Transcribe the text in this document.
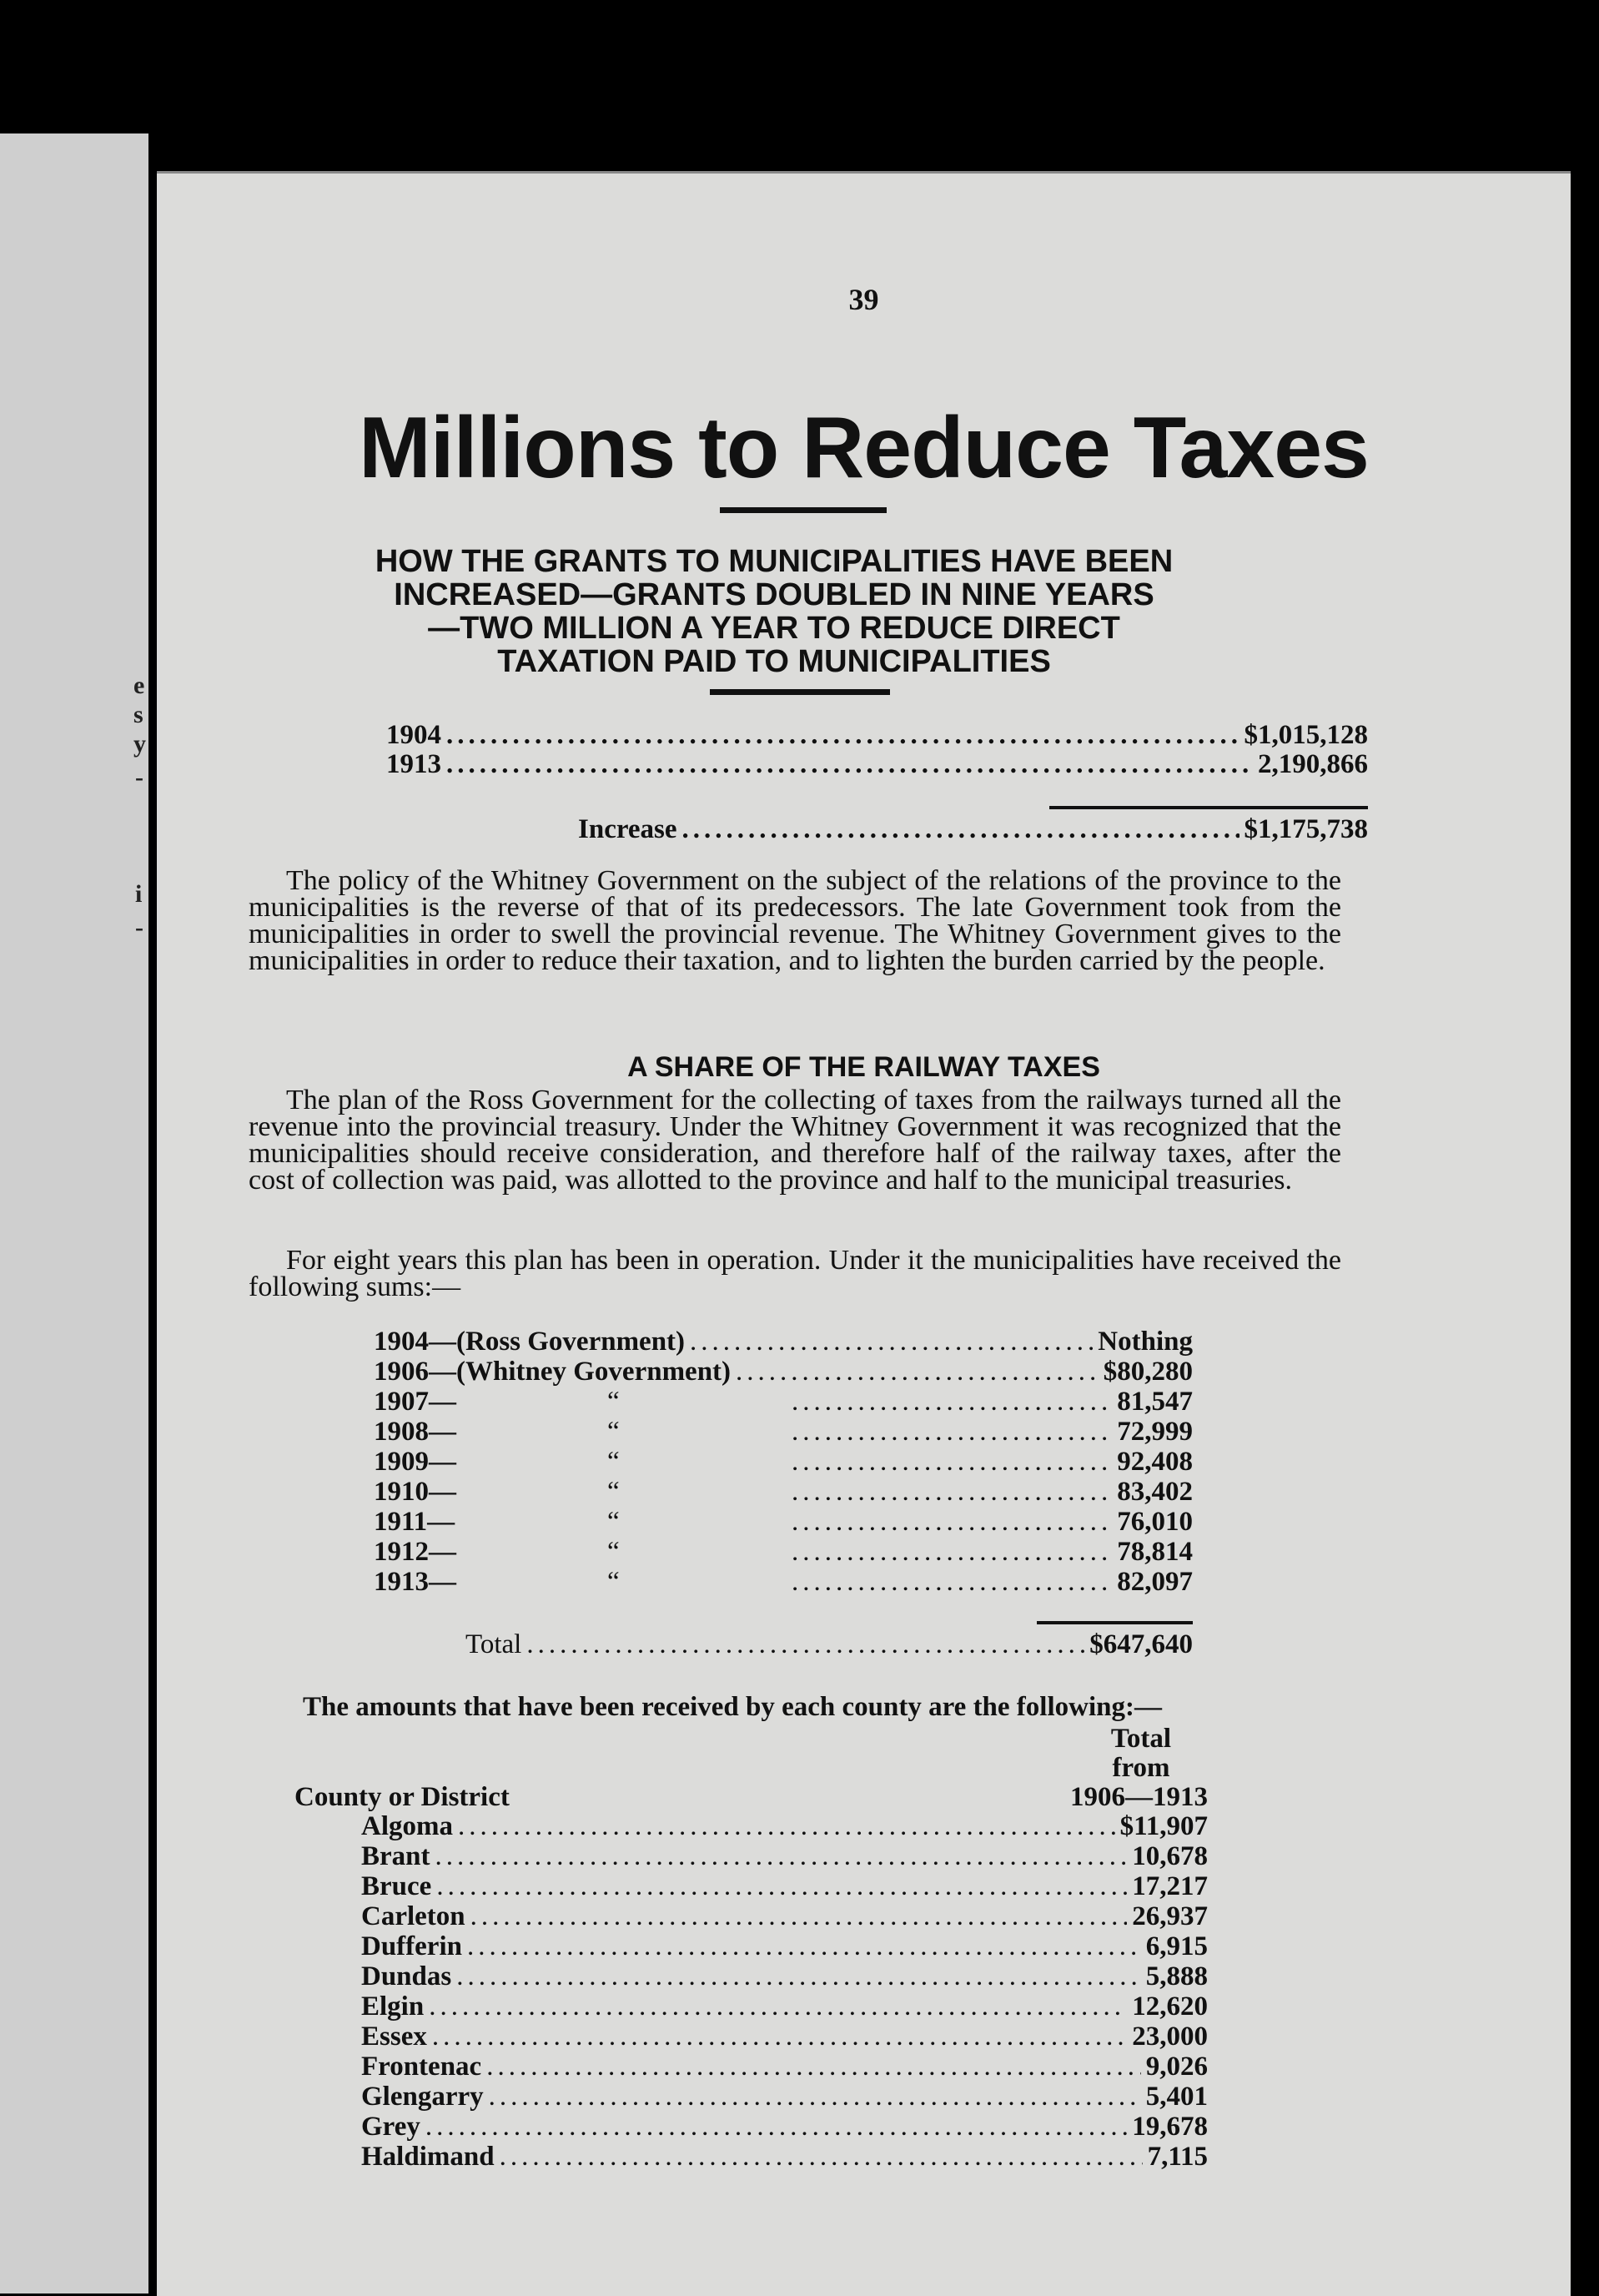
e
s
y
-
i
-
39
Millions to Reduce Taxes
HOW THE GRANTS TO MUNICIPALITIES HAVE BEEN
INCREASED—GRANTS DOUBLED IN NINE YEARS
—TWO MILLION A YEAR TO REDUCE DIRECT
TAXATION PAID TO MUNICIPALITIES
1904 .....	$1,015,128
1913 .....	2,190,866
Increase .....	$1,175,738
The policy of the Whitney Government on the subject of the relations of the province to the municipalities is the reverse of that of its predecessors. The late Government took from the municipalities in order to swell the provincial revenue. The Whitney Government gives to the municipalities in order to reduce their taxation, and to lighten the burden carried by the people.
A SHARE OF THE RAILWAY TAXES
The plan of the Ross Government for the collecting of taxes from the railways turned all the revenue into the provincial treasury. Under the Whitney Government it was recognized that the municipalities should receive consideration, and therefore half of the railway taxes, after the cost of collection was paid, was allotted to the province and half to the municipal treasuries.
For eight years this plan has been in operation. Under it the municipalities have received the following sums:—
1904—(Ross Government) .....	Nothing
1906—(Whitney Government) .....	$80,280
1907—	“ .....	81,547
1908—	“ .....	72,999
1909—	“ .....	92,408
1910—	“ .....	83,402
1911—	“ .....	76,010
1912—	“ .....	78,814
1913—	“ .....	82,097
Total .....	$647,640
The amounts that have been received by each county are the following:—
Total
from
County or District	1906—1913
Algoma .....	$11,907
Brant .....	10,678
Bruce .....	17,217
Carleton .....	26,937
Dufferin .....	6,915
Dundas .....	5,888
Elgin .....	12,620
Essex .....	23,000
Frontenac .....	9,026
Glengarry .....	5,401
Grey .....	19,678
Haldimand .....	7,115
